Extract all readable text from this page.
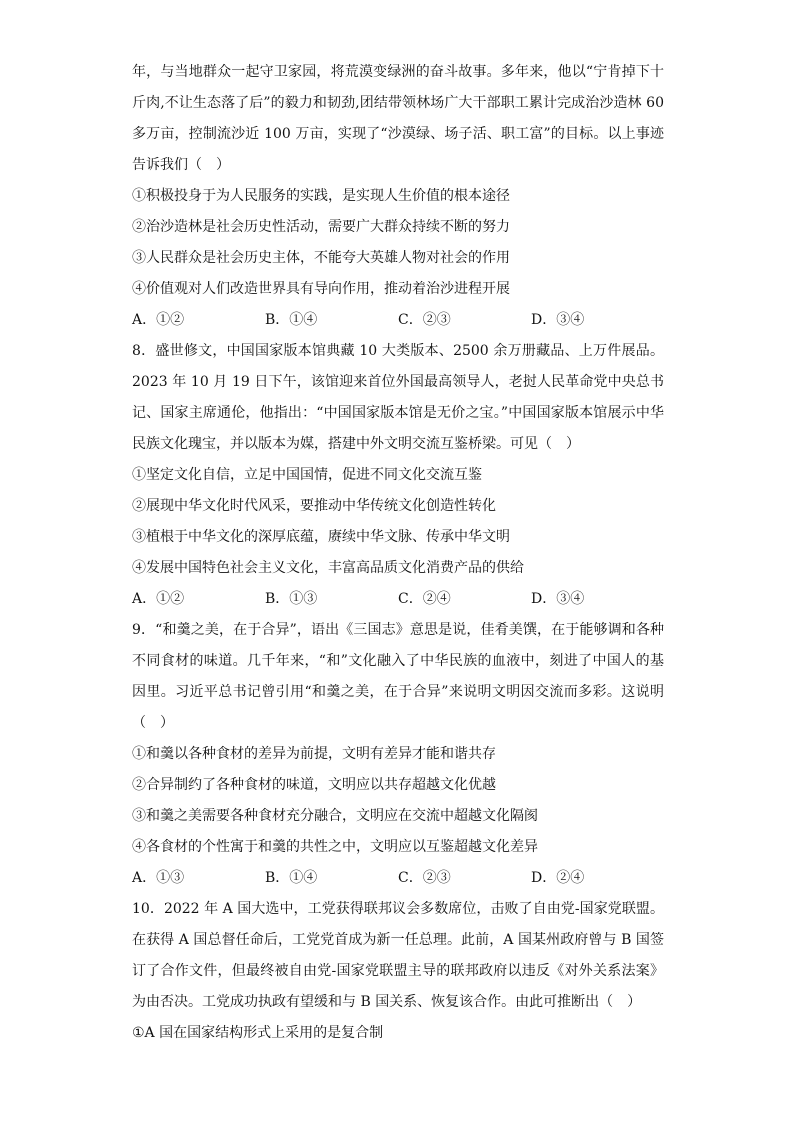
年，与当地群众一起守卫家园，将荒漠变绿洲的奋斗故事。多年来，他以“宁肯掉下十斤肉,不让生态落了后”的毅力和韧劲,团结带领林场广大干部职工累计完成治沙造林 60 多万亩，控制流沙近 100 万亩，实现了“沙漠绿、场子活、职工富”的目标。以上事迹告诉我们（　）
①积极投身于为人民服务的实践，是实现人生价值的根本途径
②治沙造林是社会历史性活动，需要广大群众持续不断的努力
③人民群众是社会历史主体，不能夸大英雄人物对社会的作用
④价值观对人们改造世界具有导向作用，推动着治沙进程开展
A．①②	B．①④	C．②③	D．③④
8．盛世修文，中国国家版本馆典藏 10 大类版本、2500 余万册藏品、上万件展品。2023 年 10 月 19 日下午，该馆迎来首位外国最高领导人，老挝人民革命党中央总书记、国家主席通伦，他指出：“中国国家版本馆是无价之宝。”中国国家版本馆展示中华民族文化瑰宝，并以版本为媒，搭建中外文明交流互鉴桥梁。可见（　）
①坚定文化自信，立足中国国情，促进不同文化交流互鉴
②展现中华文化时代风采，要推动中华传统文化创造性转化
③植根于中华文化的深厚底蕴，赓续中华文脉、传承中华文明
④发展中国特色社会主义文化，丰富高品质文化消费产品的供给
A．①②	B．①③	C．②④	D．③④
9．“和羹之美，在于合异”，语出《三国志》意思是说，佳肴美馔，在于能够调和各种不同食材的味道。几千年来，“和”文化融入了中华民族的血液中，刻进了中国人的基因里。习近平总书记曾引用“和羹之美，在于合异”来说明文明因交流而多彩。这说明（　）
①和羹以各种食材的差异为前提，文明有差异才能和谐共存
②合异制约了各种食材的味道，文明应以共存超越文化优越
③和羹之美需要各种食材充分融合，文明应在交流中超越文化隔阂
④各食材的个性寓于和羹的共性之中，文明应以互鉴超越文化差异
A．①③	B．①④	C．②③	D．②④
10．2022 年 A 国大选中，工党获得联邦议会多数席位，击败了自由党-国家党联盟。在获得 A 国总督任命后，工党党首成为新一任总理。此前，A 国某州政府曾与 B 国签订了合作文件，但最终被自由党-国家党联盟主导的联邦政府以违反《对外关系法案》为由否决。工党成功执政有望缓和与 B 国关系、恢复该合作。由此可推断出（　）
①A 国在国家结构形式上采用的是复合制
